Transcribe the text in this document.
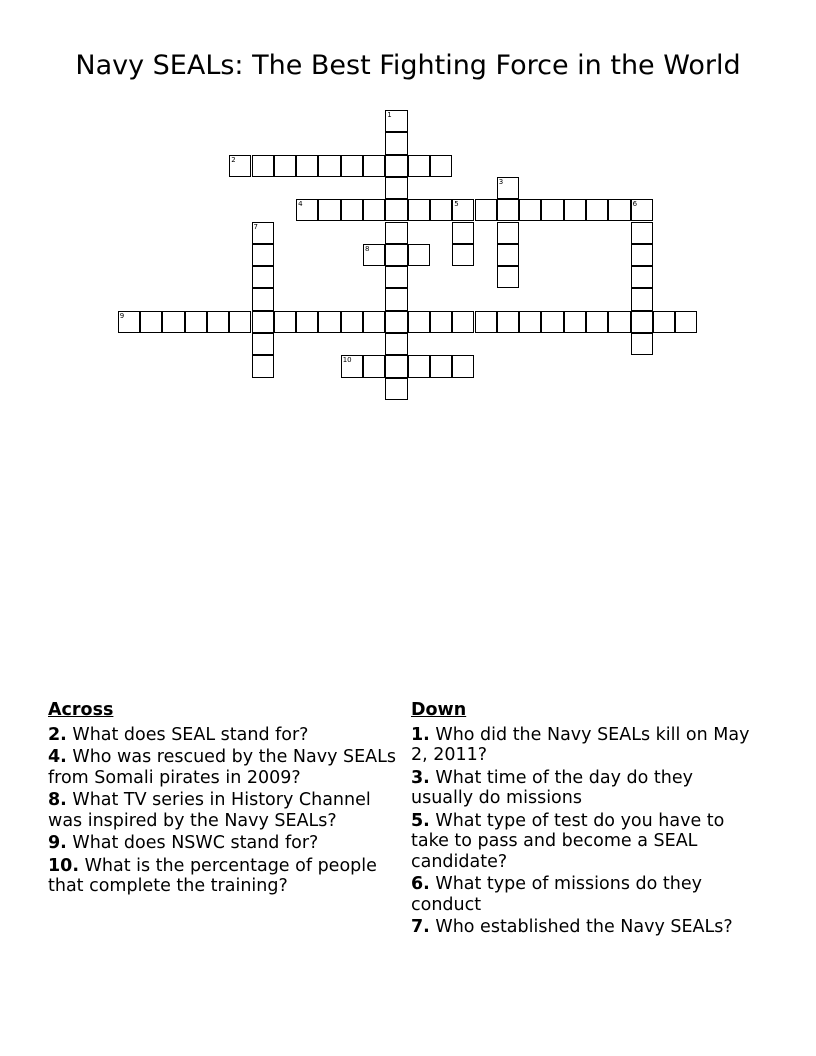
Navy SEALs: The Best Fighting Force in the World
1
2
3
4	5	6
7
8
9
10
Across
2. What does SEAL stand for?
4. Who was rescued by the Navy SEALs from Somali pirates in 2009?
8. What TV series in History Channel was inspired by the Navy SEALs?
9. What does NSWC stand for?
10. What is the percentage of people that complete the training?
Down
1. Who did the Navy SEALs kill on May 2, 2011?
3. What time of the day do they usually do missions
5. What type of test do you have to take to pass and become a SEAL candidate?
6. What type of missions do they conduct
7. Who established the Navy SEALs?
